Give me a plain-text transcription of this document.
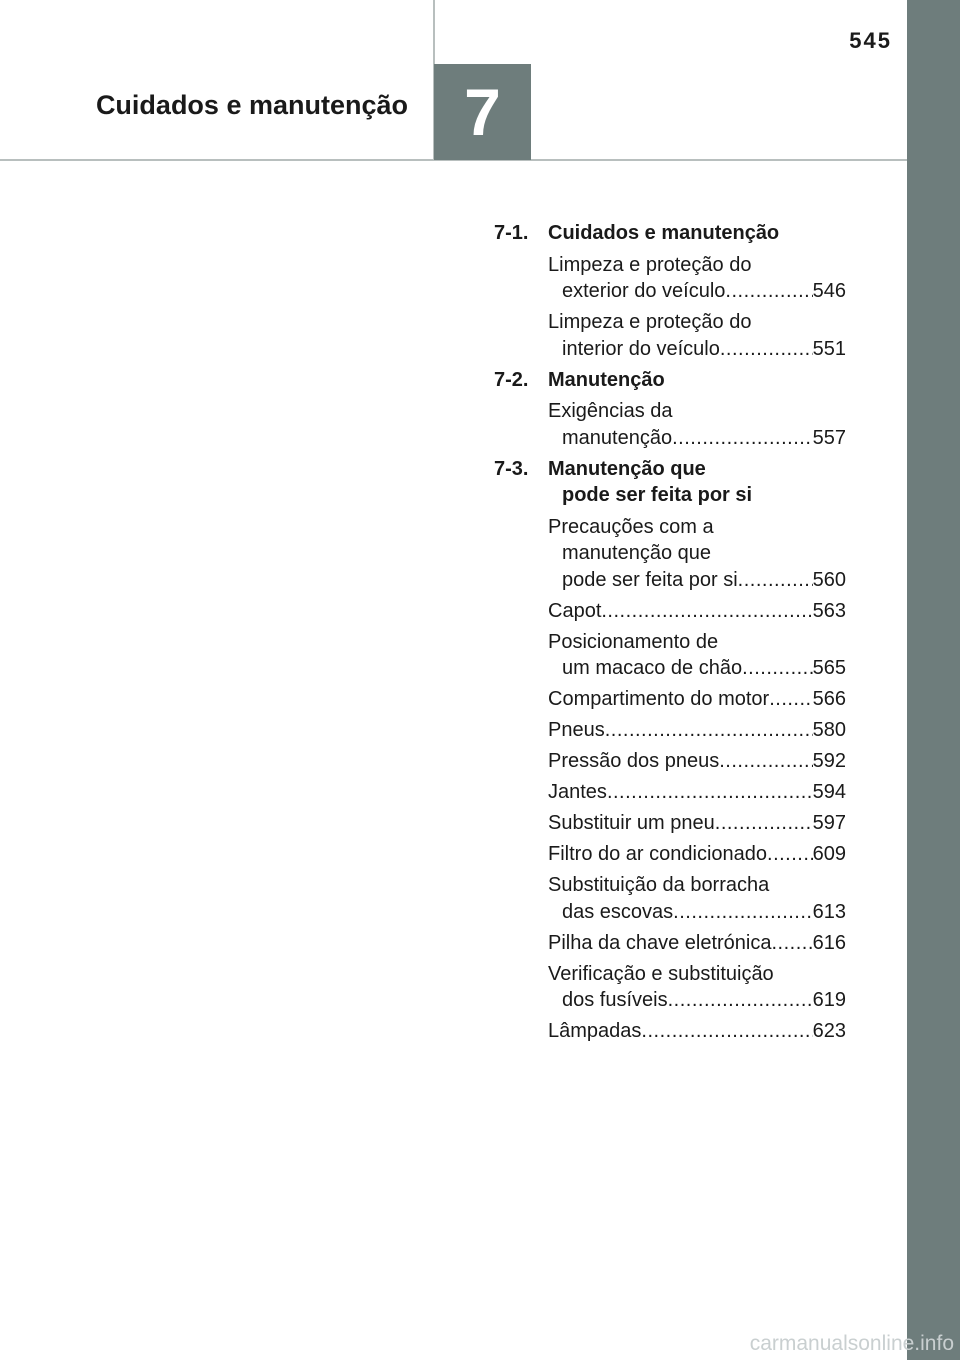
Cuidados e manutenção 7
545
7-1. Cuidados e manutenção
Limpeza e proteção do
exterior do veículo .....	546
Limpeza e proteção do
interior do veículo .....	551
7-2. Manutenção
Exigências da
manutenção .....	557
7-3. Manutenção que
pode ser feita por si
Precauções com a
manutenção que
pode ser feita por si .....	560
Capot .....	563
Posicionamento de
um macaco de chão .....	565
Compartimento do motor ..... 566
Pneus .....	580
Pressão dos pneus .....	592
Jantes .....	594
Substituir um pneu .....	597
Filtro do ar condicionado ..... 609
Substituição da borracha
das escovas .....	613
Pilha da chave eletrónica ..... 616
Verificação e substituição
dos fusíveis .....	619
Lâmpadas .....	623
carmanualsonline.info
